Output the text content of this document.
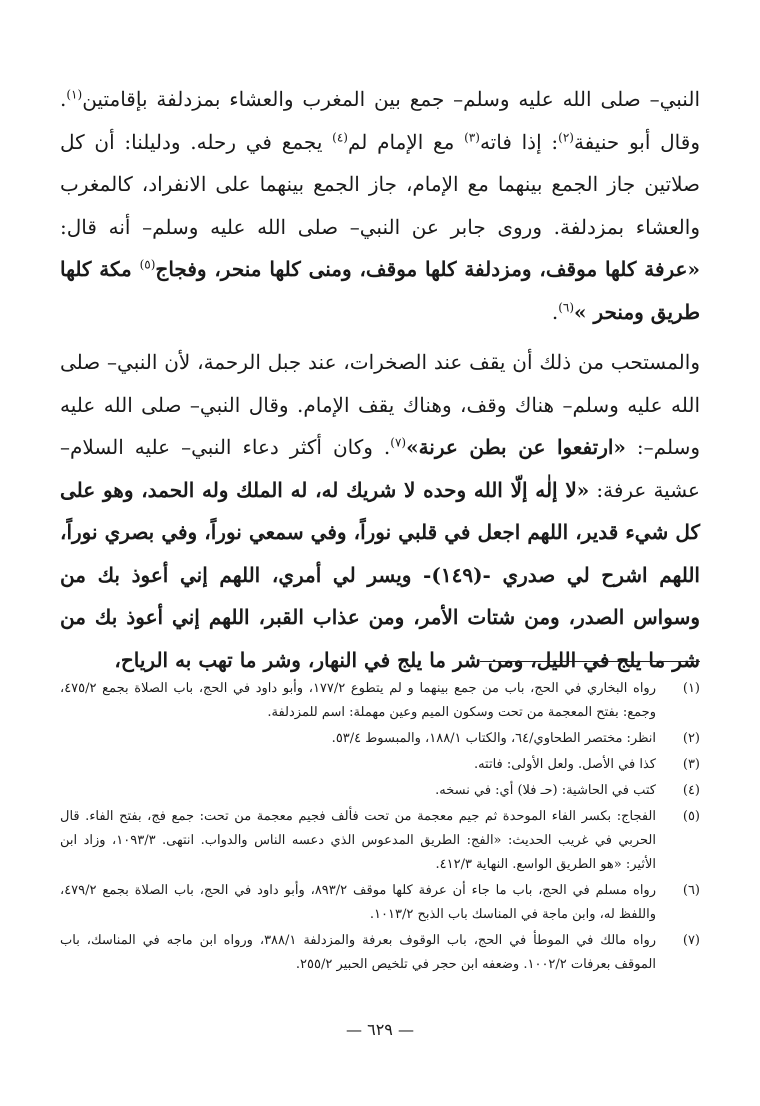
النبي– صلى الله عليه وسلم– جمع بين المغرب والعشاء بمزدلفة بإقامتين$^{(١)}$. وقال أبو حنيفة$^{(٢)}$: إذا فاته$^{(٣)}$ مع الإمام لم$^{(٤)}$ يجمع في رحله. ودليلنا: أن كل صلاتين جاز الجمع بينهما مع الإمام، جاز الجمع بينهما على الانفراد، كالمغرب والعشاء بمزدلفة. وروى جابر عن النبي– صلى الله عليه وسلم– أنه قال: «عرفة كلها موقف، ومزدلفة كلها موقف، ومنى كلها منحر، وفجاج$^{(٥)}$ مكة كلها طريق ومنحر »$^{(٦)}$.

والمستحب من ذلك أن يقف عند الصخرات، عند جبل الرحمة، لأن النبي– صلى الله عليه وسلم– هناك وقف، وهناك يقف الإمام. وقال النبي– صلى الله عليه وسلم–: «ارتفعوا عن بطن عرنة»$^{(٧)}$. وكان أكثر دعاء النبي– عليه السلام– عشية عرفة: «لا إلٰه إلّا الله وحده لا شريك له، له الملك وله الحمد، وهو على كل شيء قدير، اللهم اجعل في قلبي نوراً، وفي سمعي نوراً، وفي بصري نوراً، اللهم اشرح لي صدري -(١٤٩)- ويسر لي أمري، اللهم إني أعوذ بك من وسواس الصدر، ومن شتات الأمر، ومن عذاب القبر، اللهم إني أعوذ بك من شر ما يلج في الليل، ومن شر ما يلج في النهار، وشر ما تهب به الرياح،

(١)
رواه البخاري في الحج، باب من جمع بينهما و لم يتطوع ١٧٧/٢، وأبو داود في الحج، باب الصلاة بجمع ٤٧٥/٢، وجمع: بفتح المعجمة من تحت وسكون الميم وعين مهملة: اسم للمزدلفة.
(٢)
انظر: مختصر الطحاوي/٦٤، والكتاب ١٨٨/١، والمبسوط ٥٣/٤.
(٣)
كذا في الأصل. ولعل الأولى: فاتته.
(٤)
كتب في الحاشية: (حـ فلا) أي: في نسخه.
(٥)
الفجاج: بكسر الفاء الموحدة ثم جيم معجمة من تحت فألف فجيم معجمة من تحت: جمع فج، بفتح الفاء. قال الحربي في غريب الحديث: «الفج: الطريق المدعوس الذي دعسه الناس والدواب. انتهى. ١٠٩٣/٣، وزاد ابن الأثير: «هو الطريق الواسع. النهاية ٤١٢/٣.
(٦)
رواه مسلم في الحج، باب ما جاء أن عرفة كلها موقف ٨٩٣/٢، وأبو داود في الحج، باب الصلاة بجمع ٤٧٩/٢، واللفظ له، وابن ماجة في المناسك باب الذبح ١٠١٣/٢.
(٧)
رواه مالك في الموطأ في الحج، باب الوقوف بعرفة والمزدلفة ٣٨٨/١، ورواه ابن ماجه في المناسك، باب الموقف بعرفات ١٠٠٢/٢. وضعفه ابن حجر في تلخيص الحبير ٢٥٥/٢.
— ٦٢٩ —
